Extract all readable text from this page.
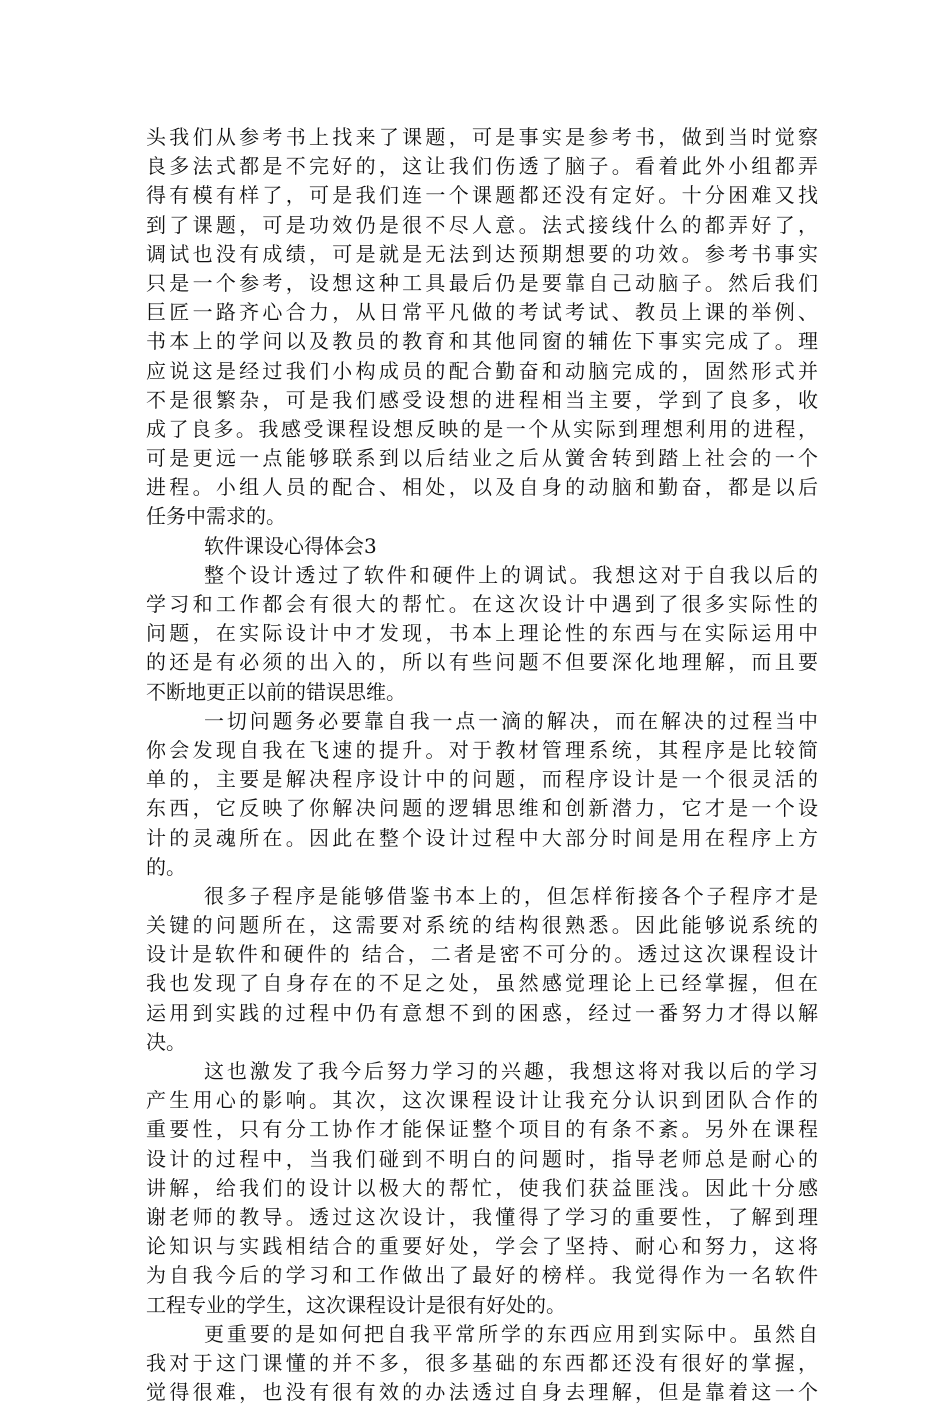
头我们从参考书上找来了课题，可是事实是参考书，做到当时觉察
良多法式都是不完好的，这让我们伤透了脑子。看着此外小组都弄
得有模有样了，可是我们连一个课题都还没有定好。十分困难又找
到了课题，可是功效仍是很不尽人意。法式接线什么的都弄好了，
调试也没有成绩，可是就是无法到达预期想要的功效。参考书事实
只是一个参考，设想这种工具最后仍是要靠自己动脑子。然后我们
巨匠一路齐心合力，从日常平凡做的考试考试、教员上课的举例、
书本上的学问以及教员的教育和其他同窗的辅佐下事实完成了。理
应说这是经过我们小构成员的配合勤奋和动脑完成的，固然形式并
不是很繁杂，可是我们感受设想的进程相当主要，学到了良多，收
成了良多。我感受课程设想反映的是一个从实际到理想利用的进程，
可是更远一点能够联系到以后结业之后从黉舍转到踏上社会的一个
进程。小组人员的配合、相处，以及自身的动脑和勤奋，都是以后
任务中需求的。
软件课设心得体会3
整个设计透过了软件和硬件上的调试。我想这对于自我以后的
学习和工作都会有很大的帮忙。在这次设计中遇到了很多实际性的
问题，在实际设计中才发现，书本上理论性的东西与在实际运用中
的还是有必须的出入的，所以有些问题不但要深化地理解，而且要
不断地更正以前的错误思维。
一切问题务必要靠自我一点一滴的解决，而在解决的过程当中
你会发现自我在飞速的提升。对于教材管理系统，其程序是比较简
单的，主要是解决程序设计中的问题，而程序设计是一个很灵活的
东西，它反映了你解决问题的逻辑思维和创新潜力，它才是一个设
计的灵魂所在。因此在整个设计过程中大部分时间是用在程序上方
的。
很多子程序是能够借鉴书本上的，但怎样衔接各个子程序才是
关键的问题所在，这需要对系统的结构很熟悉。因此能够说系统的
设计是软件和硬件的 结合，二者是密不可分的。透过这次课程设计
我也发现了自身存在的不足之处，虽然感觉理论上已经掌握，但在
运用到实践的过程中仍有意想不到的困惑，经过一番努力才得以解
决。
这也激发了我今后努力学习的兴趣，我想这将对我以后的学习
产生用心的影响。其次，这次课程设计让我充分认识到团队合作的
重要性，只有分工协作才能保证整个项目的有条不紊。另外在课程
设计的过程中，当我们碰到不明白的问题时，指导老师总是耐心的
讲解，给我们的设计以极大的帮忙，使我们获益匪浅。因此十分感
谢老师的教导。透过这次设计，我懂得了学习的重要性，了解到理
论知识与实践相结合的重要好处，学会了坚持、耐心和努力，这将
为自我今后的学习和工作做出了最好的榜样。我觉得作为一名软件
工程专业的学生，这次课程设计是很有好处的。
更重要的是如何把自我平常所学的东西应用到实际中。虽然自
我对于这门课懂的并不多，很多基础的东西都还没有很好的掌握，
觉得很难，也没有很有效的办法透过自身去理解，但是靠着这一个
